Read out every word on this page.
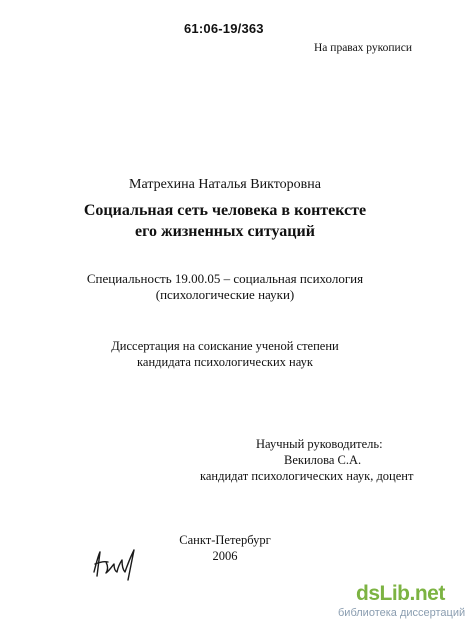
61:06-19/363
На правах рукописи
Матрехина Наталья Викторовна
Социальная сеть человека в контексте
его жизненных ситуаций
Специальность 19.00.05 – социальная психология
(психологические науки)
Диссертация на соискание ученой степени
кандидата психологических наук
Научный руководитель:
Векилова С.А.
кандидат психологических наук, доцент
Санкт-Петербург
2006
dsLib.net
библиотека диссертаций
